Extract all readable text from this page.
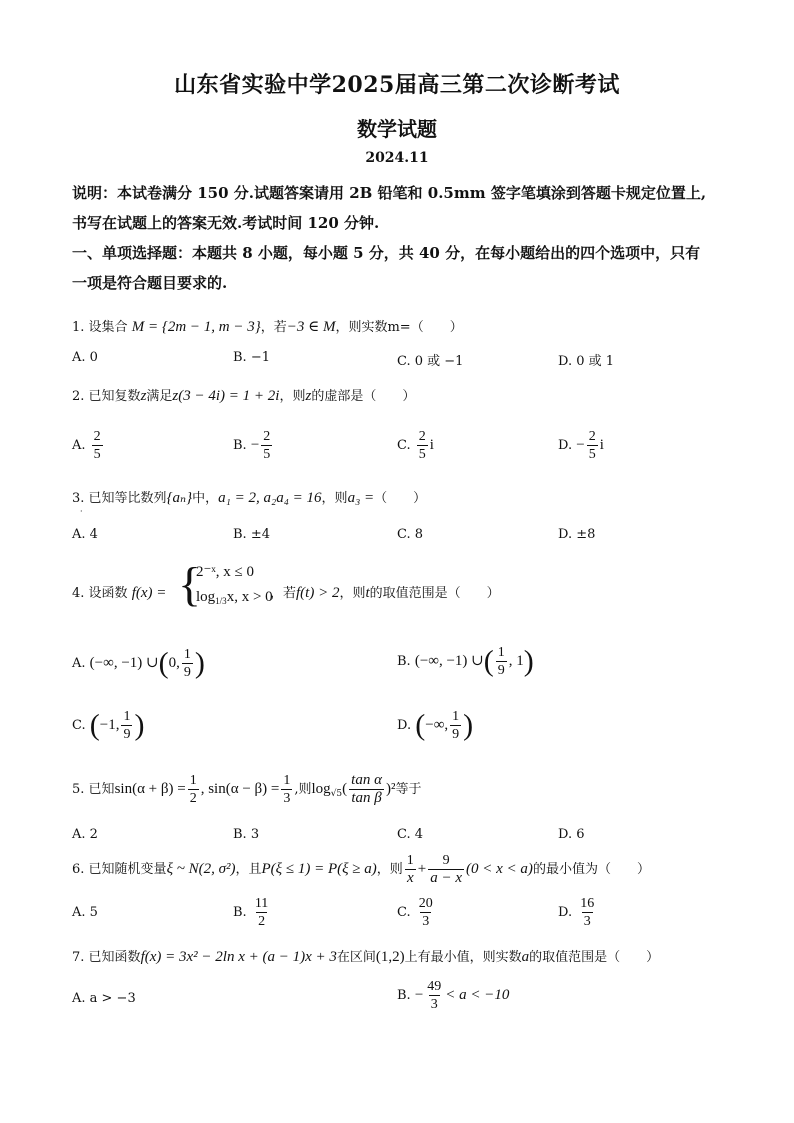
山东省实验中学2025届高三第二次诊断考试
数学试题
2024.11
说明：本试卷满分 150 分.试题答案请用 2B 铅笔和 0.5mm 签字笔填涂到答题卡规定位置上,
书写在试题上的答案无效.考试时间 120 分钟.
一、单项选择题：本题共 8 小题，每小题 5 分，共 40 分，在每小题给出的四个选项中，只有
一项是符合题目要求的.
1. 设集合 M = {2m − 1, m − 3}，若−3 ∈ M，则实数m=（　　）
A. 0	B. −1	C. 0 或 −1	D. 0 或 1
2. 已知复数z满足z(3 − 4i) = 1 + 2i，则z的虚部是（　　）
A. $\frac{2}{5}$	B. − $\frac{2}{5}$	C. $\frac{2}{5}$ i	D. − $\frac{2}{5}$ i
3. 已知等比数列{aₙ}中，a₁ = 2, a₂a₄ = 16，则a₃ =（　　）
·
A. 4	B. ±4	C. 8	D. ±8
4. 设函数 f(x) = {
2⁻ˣ, x ≤ 0
$\log_{1/3}x$, x > 0
，若f(t) > 2，则t的取值范围是（　　）
A. (−∞, −1) ∪(0, $\frac{1}{9}$ )	B. (−∞, −1) ∪( $\frac{1}{9}$ , 1)
C. (−1, $\frac{1}{9}$ )	D. (−∞, $\frac{1}{9}$ )
5. 已知$\sin(\alpha + \beta) = \frac{1}{2}$ , $\sin(\alpha - \beta) = \frac{1}{3}$ ,则$\log_{√5}( \frac{\text{tan α}}{\text{tan β}} )^2$等于
A. 2	B. 3	C. 4	D. 6
6. 已知随机变量ξ ~ N(2, σ²)，且P(ξ ≤ 1) = P(ξ ≥ a)，则 $\frac{1}{x} + \frac{9}{a - x} (0 < x < a)$的最小值为（　　）
A. 5	B. $\frac{11}{2}$	C. $\frac{20}{3}$	D. $\frac{16}{3}$
7. 已知函数f(x) = 3x² − 2ln x + (a − 1)x + 3在区间(1,2)上有最小值，则实数a的取值范围是（　　）
A. a > −3	B. − $\frac{49}{3} < a < -10$
